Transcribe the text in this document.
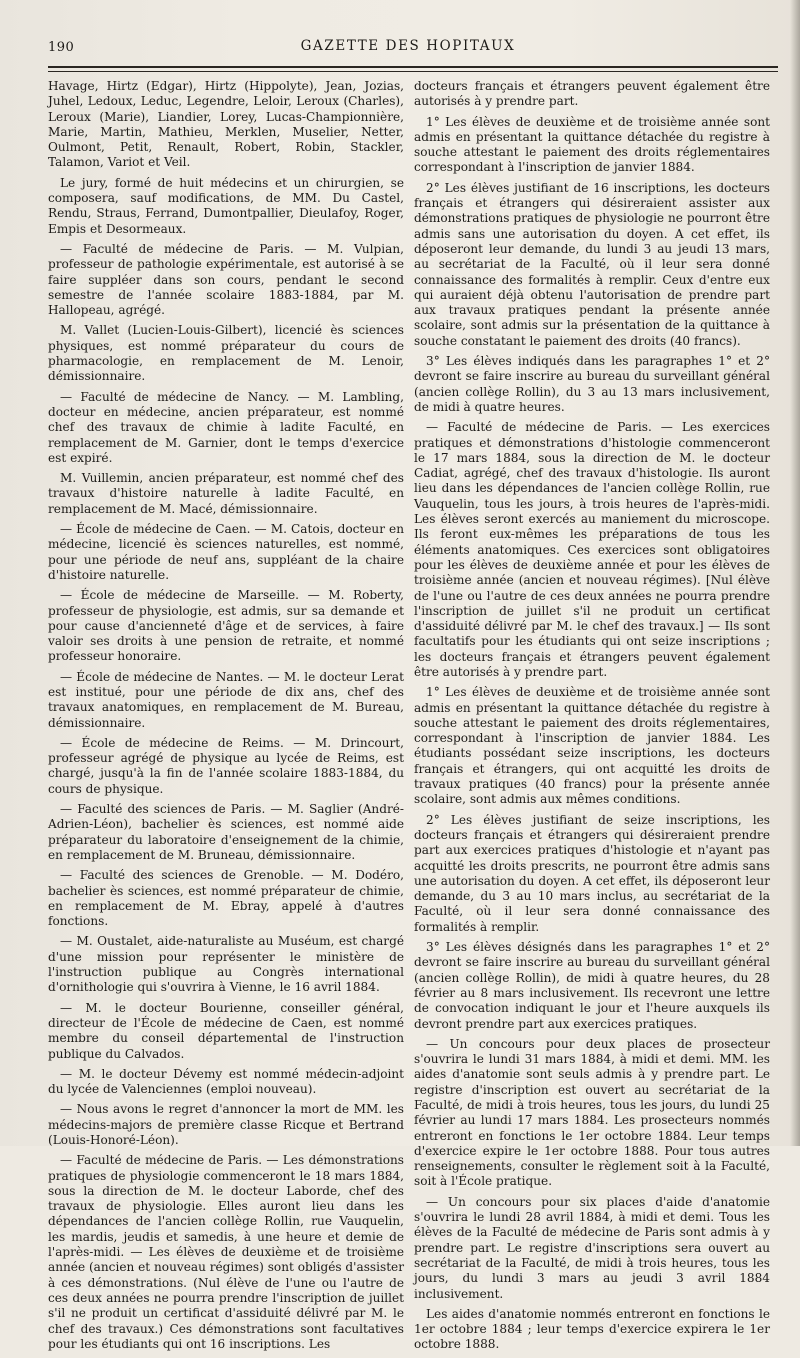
190	GAZETTE DES HOPITAUX

Havage, Hirtz (Edgar), Hirtz (Hippolyte), Jean, Jozias, Juhel, Ledoux, Leduc, Legendre, Leloir, Leroux (Charles), Leroux (Marie), Liandier, Lorey, Lucas-Championnière, Marie, Martin, Mathieu, Merklen, Muselier, Netter, Oulmont, Petit, Renault, Robert, Robin, Stackler, Talamon, Variot et Veil.

Le jury, formé de huit médecins et un chirurgien, se composera, sauf modifications, de MM. Du Castel, Rendu, Straus, Ferrand, Dumontpallier, Dieulafoy, Roger, Empis et Desormeaux.

— Faculté de médecine de Paris. — M. Vulpian, professeur de pathologie expérimentale, est autorisé à se faire suppléer dans son cours, pendant le second semestre de l'année scolaire 1883-1884, par M. Hallopeau, agrégé.

M. Vallet (Lucien-Louis-Gilbert), licencié ès sciences physiques, est nommé préparateur du cours de pharmacologie, en remplacement de M. Lenoir, démissionnaire.

— Faculté de médecine de Nancy. — M. Lambling, docteur en médecine, ancien préparateur, est nommé chef des travaux de chimie à ladite Faculté, en remplacement de M. Garnier, dont le temps d'exercice est expiré.

M. Vuillemin, ancien préparateur, est nommé chef des travaux d'histoire naturelle à ladite Faculté, en remplacement de M. Macé, démissionnaire.

— École de médecine de Caen. — M. Catois, docteur en médecine, licencié ès sciences naturelles, est nommé, pour une période de neuf ans, suppléant de la chaire d'histoire naturelle.

— École de médecine de Marseille. — M. Roberty, professeur de physiologie, est admis, sur sa demande et pour cause d'ancienneté d'âge et de services, à faire valoir ses droits à une pension de retraite, et nommé professeur honoraire.

— École de médecine de Nantes. — M. le docteur Lerat est institué, pour une période de dix ans, chef des travaux anatomiques, en remplacement de M. Bureau, démissionnaire.

— École de médecine de Reims. — M. Drincourt, professeur agrégé de physique au lycée de Reims, est chargé, jusqu'à la fin de l'année scolaire 1883-1884, du cours de physique.

— Faculté des sciences de Paris. — M. Saglier (André-Adrien-Léon), bachelier ès sciences, est nommé aide préparateur du laboratoire d'enseignement de la chimie, en remplacement de M. Bruneau, démissionnaire.

— Faculté des sciences de Grenoble. — M. Dodéro, bachelier ès sciences, est nommé préparateur de chimie, en remplacement de M. Ebray, appelé à d'autres fonctions.

— M. Oustalet, aide-naturaliste au Muséum, est chargé d'une mission pour représenter le ministère de l'instruction publique au Congrès international d'ornithologie qui s'ouvrira à Vienne, le 16 avril 1884.

— M. le docteur Bourienne, conseiller général, directeur de l'École de médecine de Caen, est nommé membre du conseil départemental de l'instruction publique du Calvados.

— M. le docteur Dévemy est nommé médecin-adjoint du lycée de Valenciennes (emploi nouveau).

— Nous avons le regret d'annoncer la mort de MM. les médecins-majors de première classe Ricque et Bertrand (Louis-Honoré-Léon).

— Faculté de médecine de Paris. — Les démonstrations pratiques de physiologie commenceront le 18 mars 1884, sous la direction de M. le docteur Laborde, chef des travaux de physiologie. Elles auront lieu dans les dépendances de l'ancien collège Rollin, rue Vauquelin, les mardis, jeudis et samedis, à une heure et demie de l'après-midi. — Les élèves de deuxième et de troisième année (ancien et nouveau régimes) sont obligés d'assister à ces démonstrations. (Nul élève de l'une ou l'autre de ces deux années ne pourra prendre l'inscription de juillet s'il ne produit un certificat d'assiduité délivré par M. le chef des travaux.) Ces démonstrations sont facultatives pour les étudiants qui ont 16 inscriptions. Les

docteurs français et étrangers peuvent également être autorisés à y prendre part.

1° Les élèves de deuxième et de troisième année sont admis en présentant la quittance détachée du registre à souche attestant le paiement des droits réglementaires correspondant à l'inscription de janvier 1884.

2° Les élèves justifiant de 16 inscriptions, les docteurs français et étrangers qui désireraient assister aux démonstrations pratiques de physiologie ne pourront être admis sans une autorisation du doyen. A cet effet, ils déposeront leur demande, du lundi 3 au jeudi 13 mars, au secrétariat de la Faculté, où il leur sera donné connaissance des formalités à remplir. Ceux d'entre eux qui auraient déjà obtenu l'autorisation de prendre part aux travaux pratiques pendant la présente année scolaire, sont admis sur la présentation de la quittance à souche constatant le paiement des droits (40 francs).

3° Les élèves indiqués dans les paragraphes 1° et 2° devront se faire inscrire au bureau du surveillant général (ancien collège Rollin), du 3 au 13 mars inclusivement, de midi à quatre heures.

— Faculté de médecine de Paris. — Les exercices pratiques et démonstrations d'histologie commenceront le 17 mars 1884, sous la direction de M. le docteur Cadiat, agrégé, chef des travaux d'histologie. Ils auront lieu dans les dépendances de l'ancien collège Rollin, rue Vauquelin, tous les jours, à trois heures de l'après-midi. Les élèves seront exercés au maniement du microscope. Ils feront eux-mêmes les préparations de tous les éléments anatomiques. Ces exercices sont obligatoires pour les élèves de deuxième année et pour les élèves de troisième année (ancien et nouveau régimes). [Nul élève de l'une ou l'autre de ces deux années ne pourra prendre l'inscription de juillet s'il ne produit un certificat d'assiduité délivré par M. le chef des travaux.] — Ils sont facultatifs pour les étudiants qui ont seize inscriptions ; les docteurs français et étrangers peuvent également être autorisés à y prendre part.

1° Les élèves de deuxième et de troisième année sont admis en présentant la quittance détachée du registre à souche attestant le paiement des droits réglementaires, correspondant à l'inscription de janvier 1884. Les étudiants possédant seize inscriptions, les docteurs français et étrangers, qui ont acquitté les droits de travaux pratiques (40 francs) pour la présente année scolaire, sont admis aux mêmes conditions.

2° Les élèves justifiant de seize inscriptions, les docteurs français et étrangers qui désireraient prendre part aux exercices pratiques d'histologie et n'ayant pas acquitté les droits prescrits, ne pourront être admis sans une autorisation du doyen. A cet effet, ils déposeront leur demande, du 3 au 10 mars inclus, au secrétariat de la Faculté, où il leur sera donné connaissance des formalités à remplir.

3° Les élèves désignés dans les paragraphes 1° et 2° devront se faire inscrire au bureau du surveillant général (ancien collège Rollin), de midi à quatre heures, du 28 février au 8 mars inclusivement. Ils recevront une lettre de convocation indiquant le jour et l'heure auxquels ils devront prendre part aux exercices pratiques.

— Un concours pour deux places de prosecteur s'ouvrira le lundi 31 mars 1884, à midi et demi. MM. les aides d'anatomie sont seuls admis à y prendre part. Le registre d'inscription est ouvert au secrétariat de la Faculté, de midi à trois heures, tous les jours, du lundi 25 février au lundi 17 mars 1884. Les prosecteurs nommés entreront en fonctions le 1er octobre 1884. Leur temps d'exercice expire le 1er octobre 1888. Pour tous autres renseignements, consulter le règlement soit à la Faculté, soit à l'École pratique.

— Un concours pour six places d'aide d'anatomie s'ouvrira le lundi 28 avril 1884, à midi et demi. Tous les élèves de la Faculté de médecine de Paris sont admis à y prendre part. Le registre d'inscriptions sera ouvert au secrétariat de la Faculté, de midi à trois heures, tous les jours, du lundi 3 mars au jeudi 3 avril 1884 inclusivement.

Les aides d'anatomie nommés entreront en fonctions le 1er octobre 1884 ; leur temps d'exercice expirera le 1er octobre 1888.
